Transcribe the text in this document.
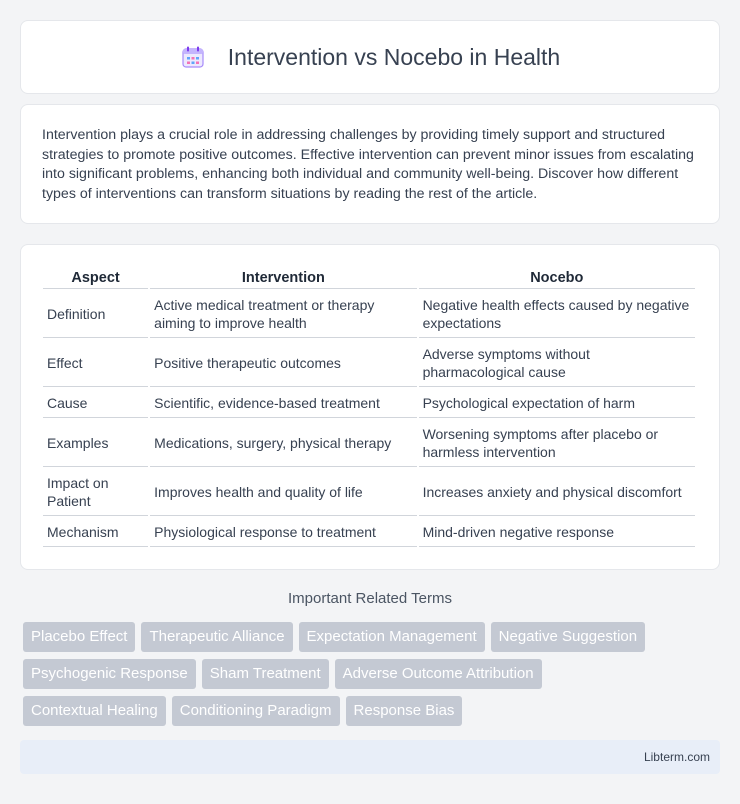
Intervention vs Nocebo in Health

Intervention plays a crucial role in addressing challenges by providing timely support and structured strategies to promote positive outcomes. Effective intervention can prevent minor issues from escalating into significant problems, enhancing both individual and community well-being. Discover how different types of interventions can transform situations by reading the rest of the article.

Aspect	Intervention	Nocebo
Definition	Active medical treatment or therapy aiming to improve health	Negative health effects caused by negative expectations
Effect	Positive therapeutic outcomes	Adverse symptoms without pharmacological cause
Cause	Scientific, evidence-based treatment	Psychological expectation of harm
Examples	Medications, surgery, physical therapy	Worsening symptoms after placebo or harmless intervention
Impact on Patient	Improves health and quality of life	Increases anxiety and physical discomfort
Mechanism	Physiological response to treatment	Mind-driven negative response
Important Related Terms
Placebo Effect	Therapeutic Alliance	Expectation Management	Negative Suggestion
Psychogenic Response	Sham Treatment	Adverse Outcome Attribution
Contextual Healing	Conditioning Paradigm	Response Bias
Libterm.com
